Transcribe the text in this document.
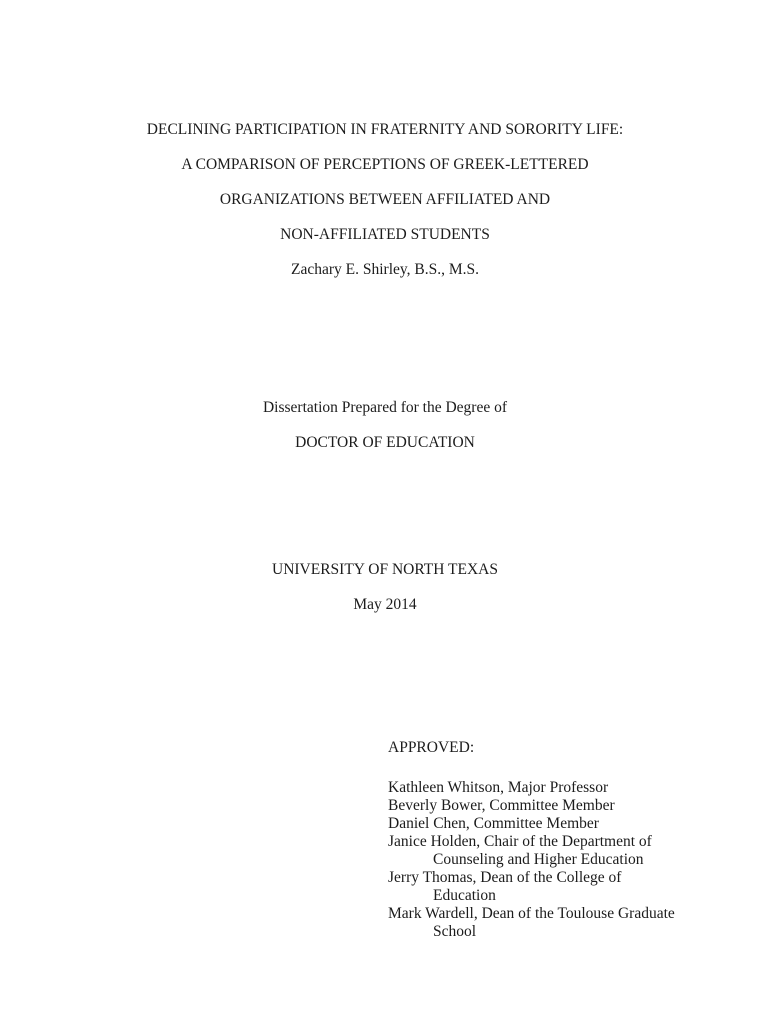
DECLINING PARTICIPATION IN FRATERNITY AND SORORITY LIFE:
A COMPARISON OF PERCEPTIONS OF GREEK-LETTERED
ORGANIZATIONS BETWEEN AFFILIATED AND
NON-AFFILIATED STUDENTS
Zachary E. Shirley, B.S., M.S.
Dissertation Prepared for the Degree of
DOCTOR OF EDUCATION
UNIVERSITY OF NORTH TEXAS
May 2014
APPROVED:
Kathleen Whitson, Major Professor
Beverly Bower, Committee Member
Daniel Chen, Committee Member
Janice Holden, Chair of the Department of
Counseling and Higher Education
Jerry Thomas, Dean of the College of
Education
Mark Wardell, Dean of the Toulouse Graduate
School
